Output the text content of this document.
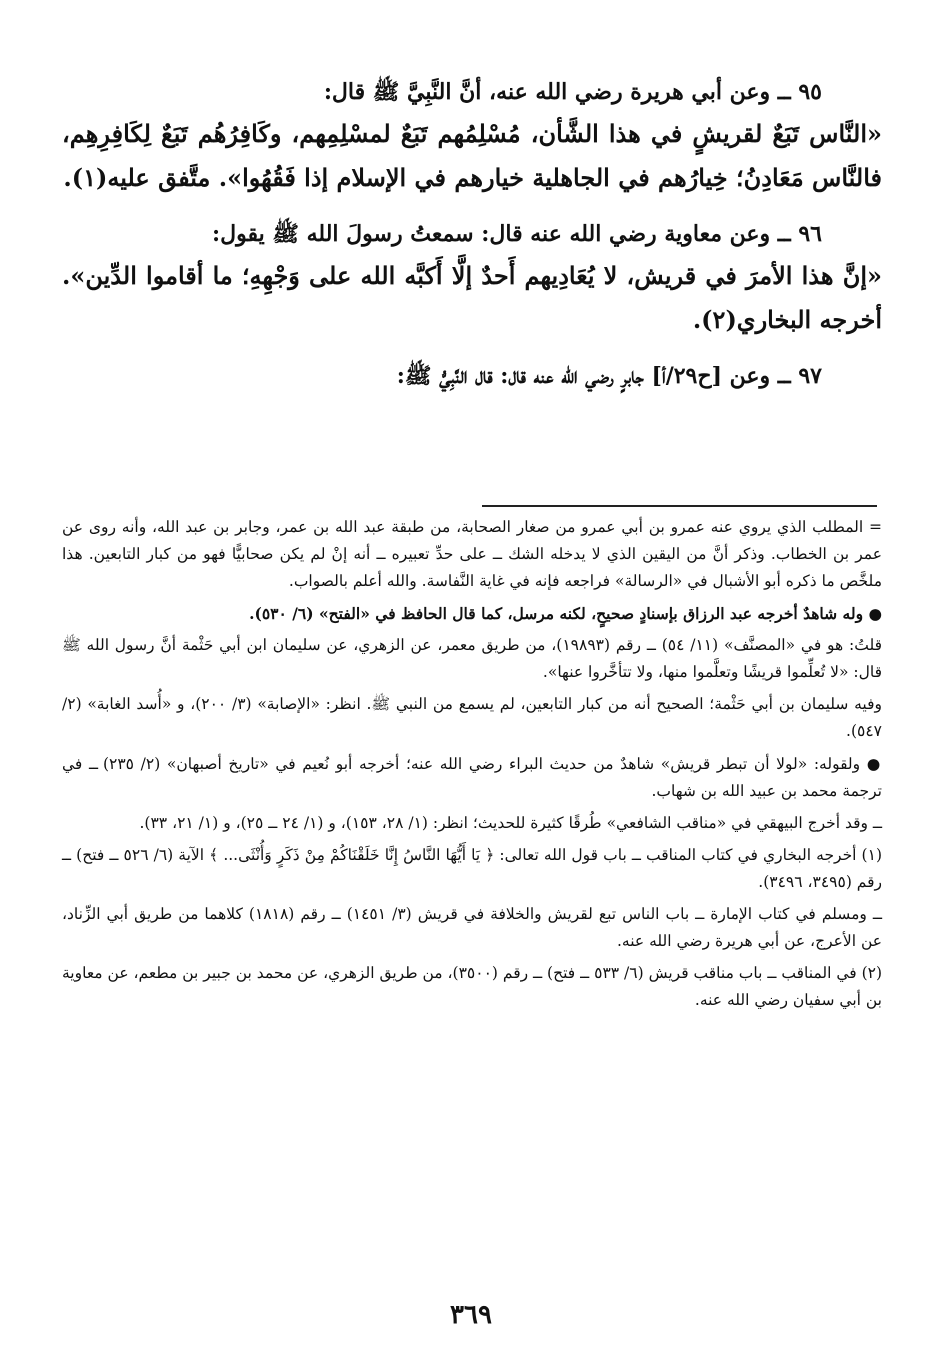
٩٥ ــ وعن أبي هريرة رضي الله عنه، أنَّ النَّبِيَّ ﷺ قال:

«النَّاس تَبَعٌ لقريشٍ في هذا الشَّأن، مُسْلِمُهم تَبَعٌ لمسْلِمِهم، وكَافِرُهُم تَبَعٌ لِكَافِرِهِم، فالنَّاس مَعَادِنُ؛ خِيارُهم في الجاهلية خيارهم في الإسلام إذا فَقُهُوا». متَّفق عليه(١).

٩٦ ــ وعن معاوية رضي الله عنه قال: سمعتُ رسولَ الله ﷺ يقول:

«إنَّ هذا الأمرَ في قريش، لا يُعَادِيهم أَحدٌ إلَّا أَكبَّه الله على وَجْهِهِ؛ ما أقاموا الدِّين». أخرجه البخاري(٢).

٩٧ ــ وعن [ح٢٩/أ] جابرٍ رضي الله عنه قال: قال النَّبِيُّ ﷺ:

= المطلب الذي يروي عنه عمرو بن أبي عمرو من صغار الصحابة، من طبقة عبد الله بن عمر، وجابر بن عبد الله، وأنه روى عن عمر بن الخطاب. وذكر أنَّ من اليقين الذي لا يدخله الشك ــ على حدِّ تعبيره ــ أنه إنْ لم يكن صحابيًّا فهو من كبار التابعين. هذا ملخَّص ما ذكره أبو الأشبال في «الرسالة» فراجعه فإنه في غاية النَّفاسة. والله أعلم بالصواب.

● وله شاهدٌ أخرجه عبد الرزاق بإسنادٍ صحيحٍ، لكنه مرسل، كما قال الحافظ في «الفتح» (٦/ ٥٣٠).

قلتُ: هو في «المصنَّف» (١١/ ٥٤) ــ رقم (١٩٨٩٣)، من طريق معمر، عن الزهري، عن سليمان ابن أبي حَثْمة أنَّ رسول الله ﷺ قال: «لا تُعلِّموا قريشًا وتعلَّموا منها، ولا تتأخَّروا عنها».

وفيه سليمان بن أبي حَثْمة؛ الصحيح أنه من كبار التابعين، لم يسمع من النبي ﷺ. انظر: «الإصابة» (٣/ ٢٠٠)، و «أُسد الغابة» (٢/ ٥٤٧).

● ولقوله: «لولا أن تبطر قريش» شاهدٌ من حديث البراء رضي الله عنه؛ أخرجه أبو نُعيم في «تاريخ أصبهان» (٢/ ٢٣٥) ــ في ترجمة محمد بن عبيد الله بن شهاب.

ــ وقد أخرج البيهقي في «مناقب الشافعي» طُرقًا كثيرة للحديث؛ انظر: (١/ ٢٨، ١٥٣)، و (١/ ٢٤ ــ ٢٥)، و (١/ ٢١، ٣٣).

(١) أخرجه البخاري في كتاب المناقب ــ باب قول الله تعالى: ﴿ يَا أَيُّهَا النَّاسُ إِنَّا خَلَقْنَاكُمْ مِنْ ذَكَرٍ وَأُنْثَى... ﴾ الآية (٦/ ٥٢٦ ــ فتح) ــ رقم (٣٤٩٥، ٣٤٩٦).

ــ ومسلم في كتاب الإمارة ــ باب الناس تبع لقريش والخلافة في قريش (٣/ ١٤٥١) ــ رقم (١٨١٨) كلاهما من طريق أبي الزِّناد، عن الأعرج، عن أبي هريرة رضي الله عنه.

(٢) في المناقب ــ باب مناقب قريش (٦/ ٥٣٣ ــ فتح) ــ رقم (٣٥٠٠)، من طريق الزهري، عن محمد بن جبير بن مطعم، عن معاوية بن أبي سفيان رضي الله عنه.

٣٦٩
